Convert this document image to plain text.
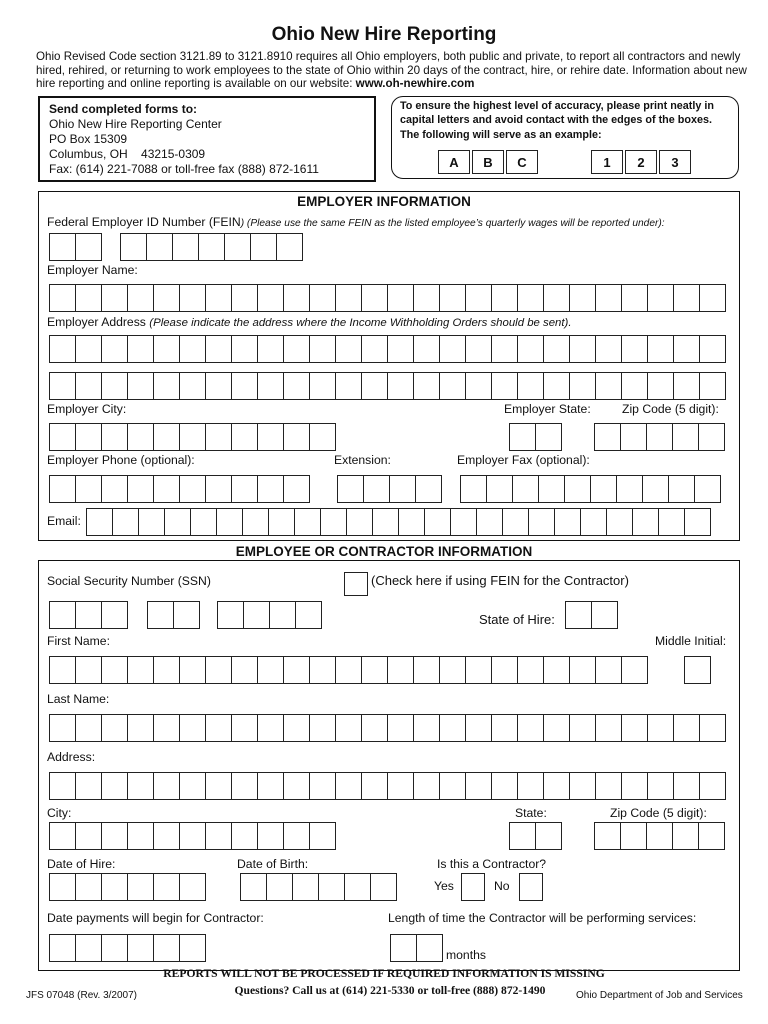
Ohio New Hire Reporting
Ohio Revised Code section 3121.89 to 3121.8910 requires all Ohio employers, both public and private, to report all contractors and newly hired, rehired, or returning to work employees to the state of Ohio within 20 days of the contract, hire, or rehire date. Information about new hire reporting and online reporting is available on our website: www.oh-newhire.com
Send completed forms to:
Ohio New Hire Reporting Center
PO Box 15309
Columbus, OH    43215-0309
Fax: (614) 221-7088 or toll-free fax (888) 872-1611
To ensure the highest level of accuracy, please print neatly in capital letters and avoid contact with the edges of the boxes.
The following will serve as an example:
A	B	C	1	2	3
EMPLOYER INFORMATION
Federal Employer ID Number (FEIN) (Please use the same FEIN as the listed employee’s quarterly wages will be reported under):
Employer Name:
Employer Address (Please indicate the address where the Income Withholding Orders should be sent).
Employer City:	Employer State:	Zip Code (5 digit):
Employer Phone (optional):	Extension:	Employer Fax (optional):
Email:
EMPLOYEE OR CONTRACTOR INFORMATION
Social Security Number (SSN)	(Check here if using FEIN for the Contractor)
State of Hire:
First Name:	Middle Initial:
Last Name:
Address:
City:	State:	Zip Code (5 digit):
Date of Hire:	Date of Birth:	Is this a Contractor?
Yes	No
Date payments will begin for Contractor:	Length of time the Contractor will be performing services:
months
REPORTS WILL NOT BE PROCESSED IF REQUIRED INFORMATION IS MISSING
Questions? Call us at (614) 221-5330 or toll-free (888) 872-1490
JFS 07048 (Rev. 3/2007)	Ohio Department of Job and Services
